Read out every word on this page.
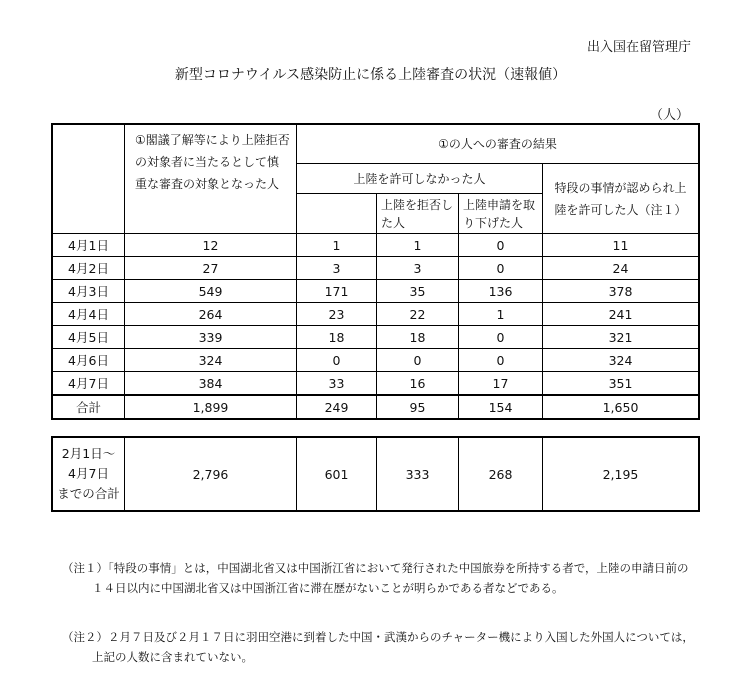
出入国在留管理庁
新型コロナウイルス感染防止に係る上陸審査の状況（速報値）
（人）
	①閣議了解等により上陸拒否の対象者に当たるとして慎重な審査の対象となった人	①の人への審査の結果			
		上陸を許可しなかった人			特段の事情が認められ上陸を許可した人（注１）
			上陸を拒否した人	上陸申請を取り下げた人	
4月1日	12	1	1	0	11
4月2日	27	3	3	0	24
4月3日	549	171	35	136	378
4月4日	264	23	22	1	241
4月5日	339	18	18	0	321
4月6日	324	0	0	0	324
4月7日	384	33	16	17	351
合計	1,899	249	95	154	1,650
2月1日～
4月7日
までの合計	2,796	601	333	268	2,195
（注１）「特段の事情」とは，中国湖北省又は中国浙江省において発行された中国旅券を所持する者で，上陸の申請日前の
１４日以内に中国湖北省又は中国浙江省に滞在歴がないことが明らかである者などである。
（注２）２月７日及び２月１７日に羽田空港に到着した中国・武漢からのチャーター機により入国した外国人については，
上記の人数に含まれていない。
